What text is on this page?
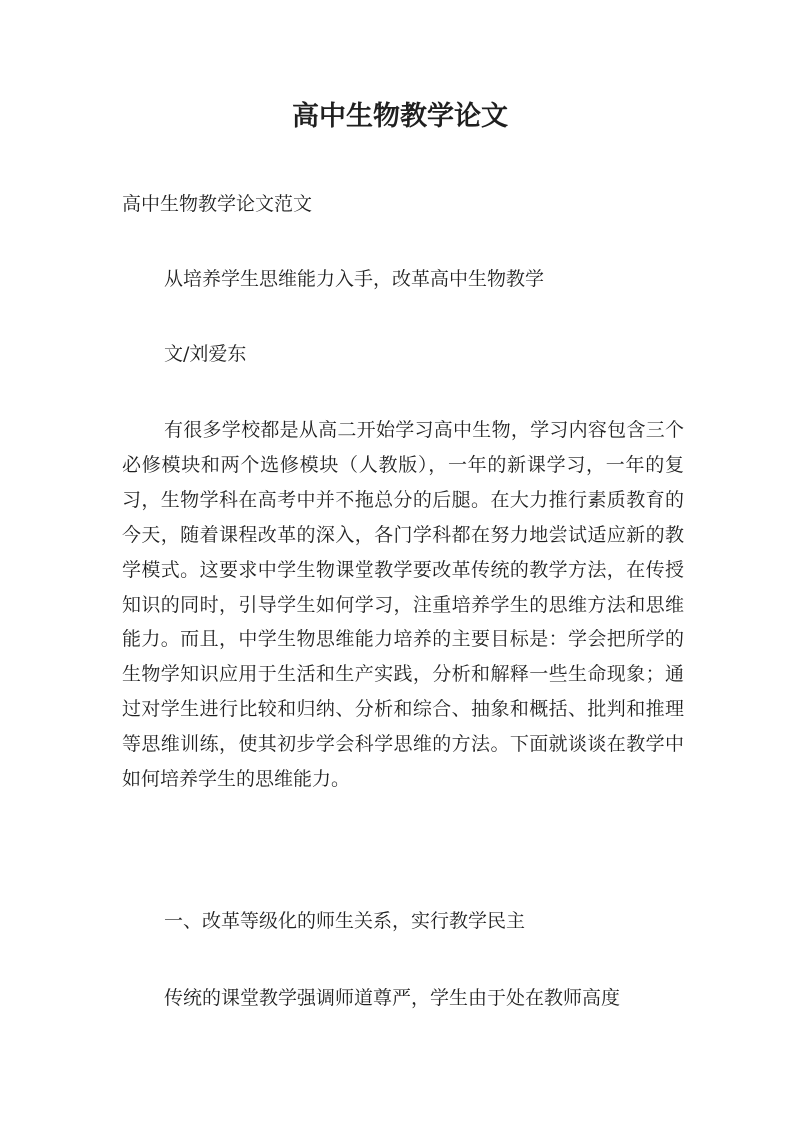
高中生物教学论文
高中生物教学论文范文
从培养学生思维能力入手，改革高中生物教学
文/刘爱东

有很多学校都是从高二开始学习高中生物，学习内容包含三个必修模块和两个选修模块（人教版），一年的新课学习，一年的复习，生物学科在高考中并不拖总分的后腿。在大力推行素质教育的今天，随着课程改革的深入，各门学科都在努力地尝试适应新的教学模式。这要求中学生物课堂教学要改革传统的教学方法，在传授知识的同时，引导学生如何学习，注重培养学生的思维方法和思维能力。而且，中学生物思维能力培养的主要目标是：学会把所学的生物学知识应用于生活和生产实践，分析和解释一些生命现象；通过对学生进行比较和归纳、分析和综合、抽象和概括、批判和推理等思维训练，使其初步学会科学思维的方法。下面就谈谈在教学中如何培养学生的思维能力。

一、改革等级化的师生关系，实行教学民主
传统的课堂教学强调师道尊严，学生由于处在教师高度
